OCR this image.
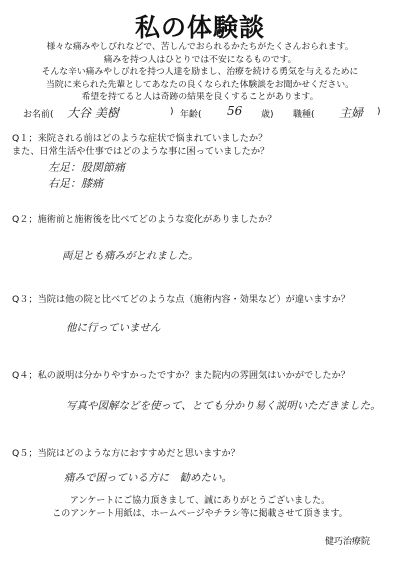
私の体験談
様々な痛みやしびれなどで、苦しんでおられるかたちがたくさんおられます。
痛みを持つ人はひとりでは不安になるものです。
そんな辛い痛みやしびれを持つ人達を励まし、治療を続ける勇気を与えるために
当院に来られた先輩としてあなたの良くなられた体験談をお聞かせください。
希望を持てると人は奇跡の結果を良くすることがあります。
お名前( 大谷 美樹	) 年齢( 56 歳) 職種( 主婦 )
Q１；来院される前はどのような症状で悩まれていましたか？
また、日常生活や仕事ではどのような事に困っていましたか？
左足：股関節痛
右足：膝痛
Q２；施術前と施術後を比べてどのような変化がありましたか？
両足とも痛みがとれました。
Q３；当院は他の院と比べてどのような点（施術内容・効果など）が違いますか？
他に行っていません
Q４；私の説明は分かりやすかったですか？また院内の雰囲気はいかがでしたか？
写真や図解などを使って、とても分かり易く説明いただきました。
Q５；当院はどのような方におすすめだと思いますか？
痛みで困っている方に　勧めたい。
アンケートにご協力頂きまして、誠にありがとうございました。
このアンケート用紙は、ホームページやチラシ等に掲載させて頂きます。
健巧治療院
